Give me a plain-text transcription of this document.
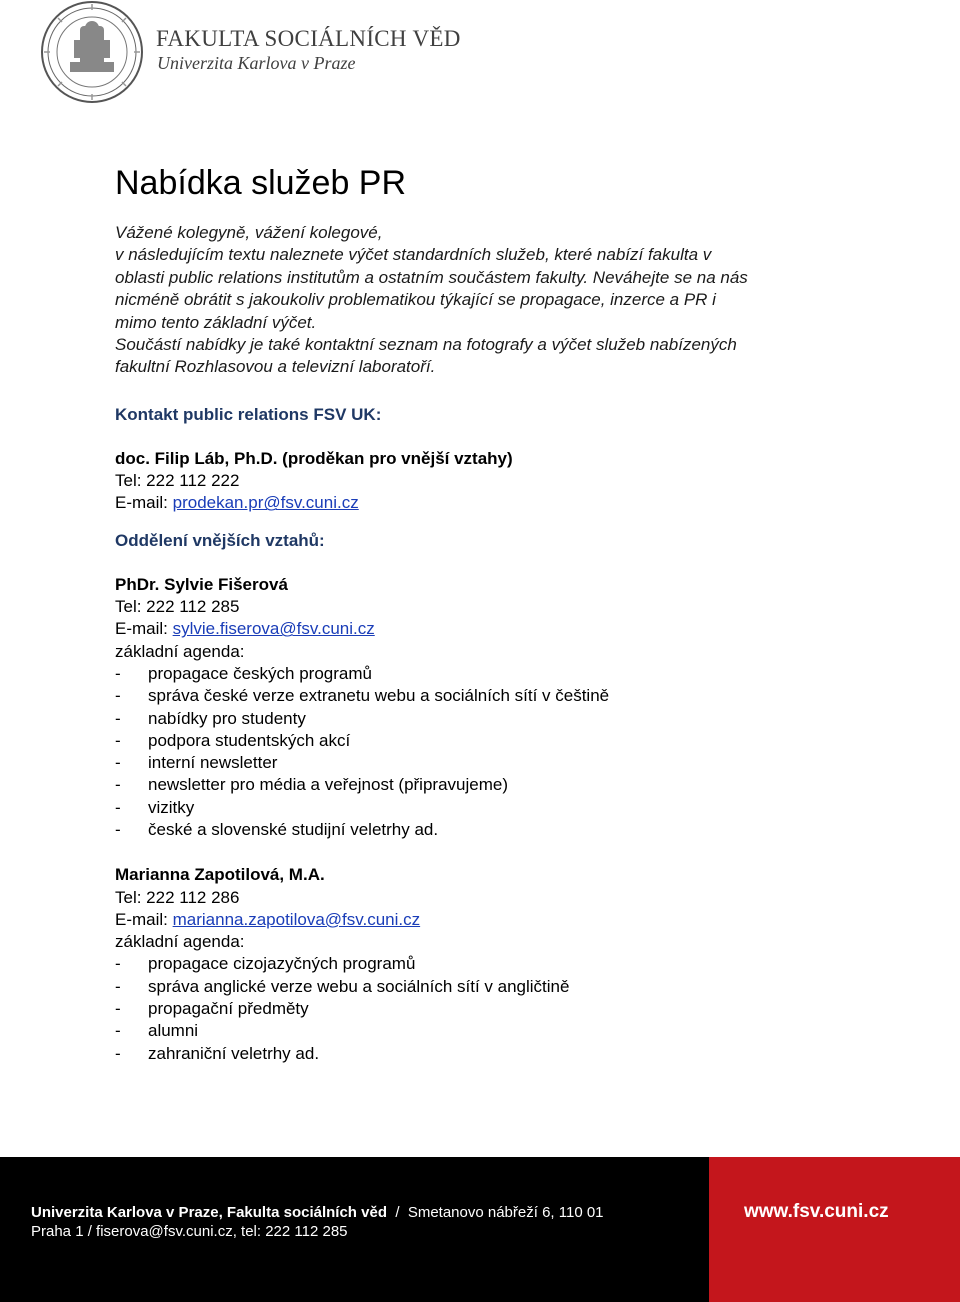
FAKULTA SOCIÁLNÍCH VĚD
Univerzita Karlova v Praze
Nabídka služeb PR
Vážené kolegyně, vážení kolegové,
v následujícím textu naleznete výčet standardních služeb, které nabízí fakulta v
oblasti public relations institutům a ostatním součástem fakulty. Neváhejte se na nás
nicméně obrátit s jakoukoliv problematikou týkající se propagace, inzerce a PR i
mimo tento základní výčet.
Součástí nabídky je také kontaktní seznam na fotografy a výčet služeb nabízených
fakultní Rozhlasovou a televizní laboratoří.
Kontakt public relations FSV UK:
doc. Filip Láb, Ph.D. (proděkan pro vnější vztahy)
Tel: 222 112 222
E-mail: prodekan.pr@fsv.cuni.cz
Oddělení vnějších vztahů:
PhDr. Sylvie Fišerová
Tel: 222 112 285
E-mail: sylvie.fiserova@fsv.cuni.cz
základní agenda:
- propagace českých programů
- správa české verze extranetu webu a sociálních sítí v češtině
- nabídky pro studenty
- podpora studentských akcí
- interní newsletter
- newsletter pro média a veřejnost (připravujeme)
- vizitky
- české a slovenské studijní veletrhy ad.
Marianna Zapotilová, M.A.
Tel: 222 112 286
E-mail: marianna.zapotilova@fsv.cuni.cz
základní agenda:
- propagace cizojazyčných programů
- správa anglické verze webu a sociálních sítí v angličtině
- propagační předměty
- alumni
- zahraniční veletrhy ad.
Univerzita Karlova v Praze, Fakulta sociálních věd  /  Smetanovo nábřeží 6, 110 01
Praha 1 / fiserova@fsv.cuni.cz, tel: 222 112 285
www.fsv.cuni.cz
